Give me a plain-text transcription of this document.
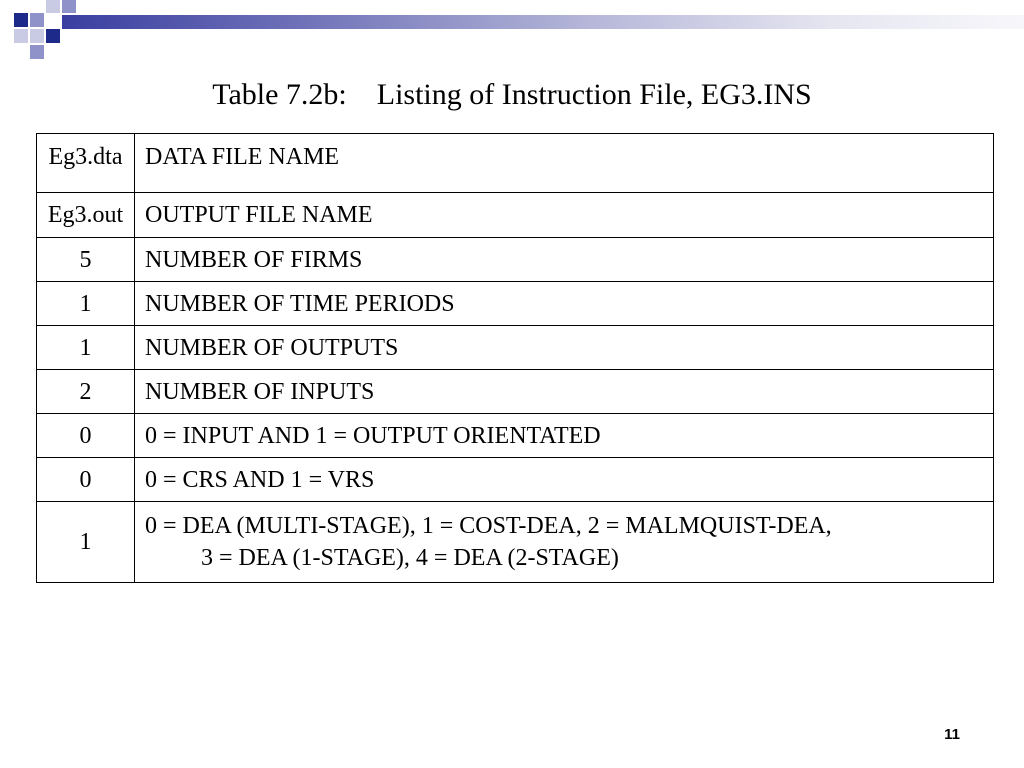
Table 7.2b:    Listing of Instruction File, EG3.INS
Eg3.dta	DATA FILE NAME
Eg3.out	OUTPUT FILE NAME
5	NUMBER OF FIRMS
1	NUMBER OF TIME PERIODS
1	NUMBER OF OUTPUTS
2	NUMBER OF INPUTS
0	0 = INPUT AND 1 = OUTPUT ORIENTATED
0	0 = CRS AND 1 = VRS
1	0 = DEA (MULTI-STAGE), 1 = COST-DEA, 2 = MALMQUIST-DEA,
3 = DEA (1-STAGE), 4 = DEA (2-STAGE)
11
